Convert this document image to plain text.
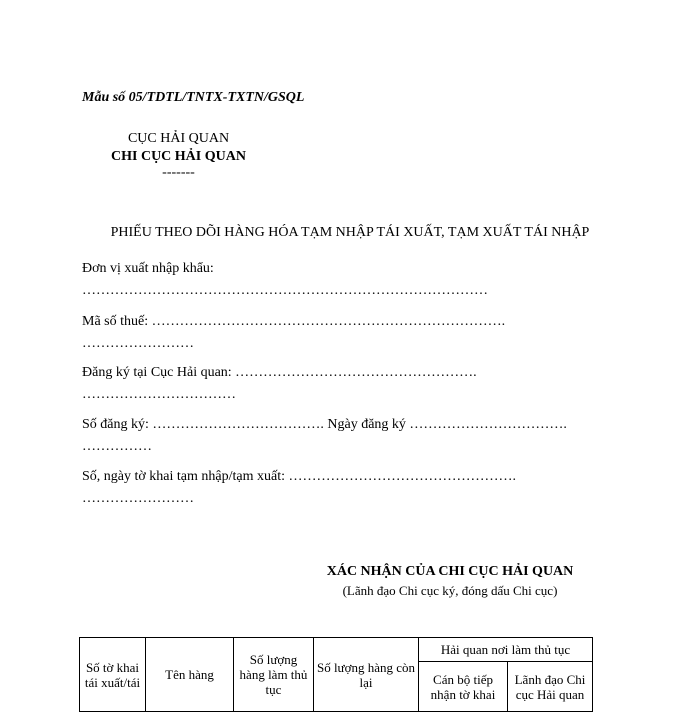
Mẫu số 05/TDTL/TNTX-TXTN/GSQL
CỤC HẢI QUAN
CHI CỤC HẢI QUAN
-------
PHIẾU THEO DÕI HÀNG HÓA TẠM NHẬP TÁI XUẤT, TẠM XUẤT TÁI NHẬP
Đơn vị xuất nhập khẩu:
……………………………………………………………………………
Mã số thuế: ………………………………………………………………….
……………………
Đăng ký tại Cục Hải quan: …………………………………………….
……………………………
Số đăng ký: ………………………………. Ngày đăng ký …………………………….
……………
Số, ngày tờ khai tạm nhập/tạm xuất: ………………………………………….
……………………
XÁC NHẬN CỦA CHI CỤC HẢI QUAN
(Lãnh đạo Chi cục ký, đóng dấu Chi cục)
Số tờ khai tái xuất/tái	Tên hàng	Số lượng hàng làm thủ tục	Số lượng hàng còn lại	Hải quan nơi làm thủ tục	
				Cán bộ tiếp nhận tờ khai	Lãnh đạo Chi cục Hải quan
